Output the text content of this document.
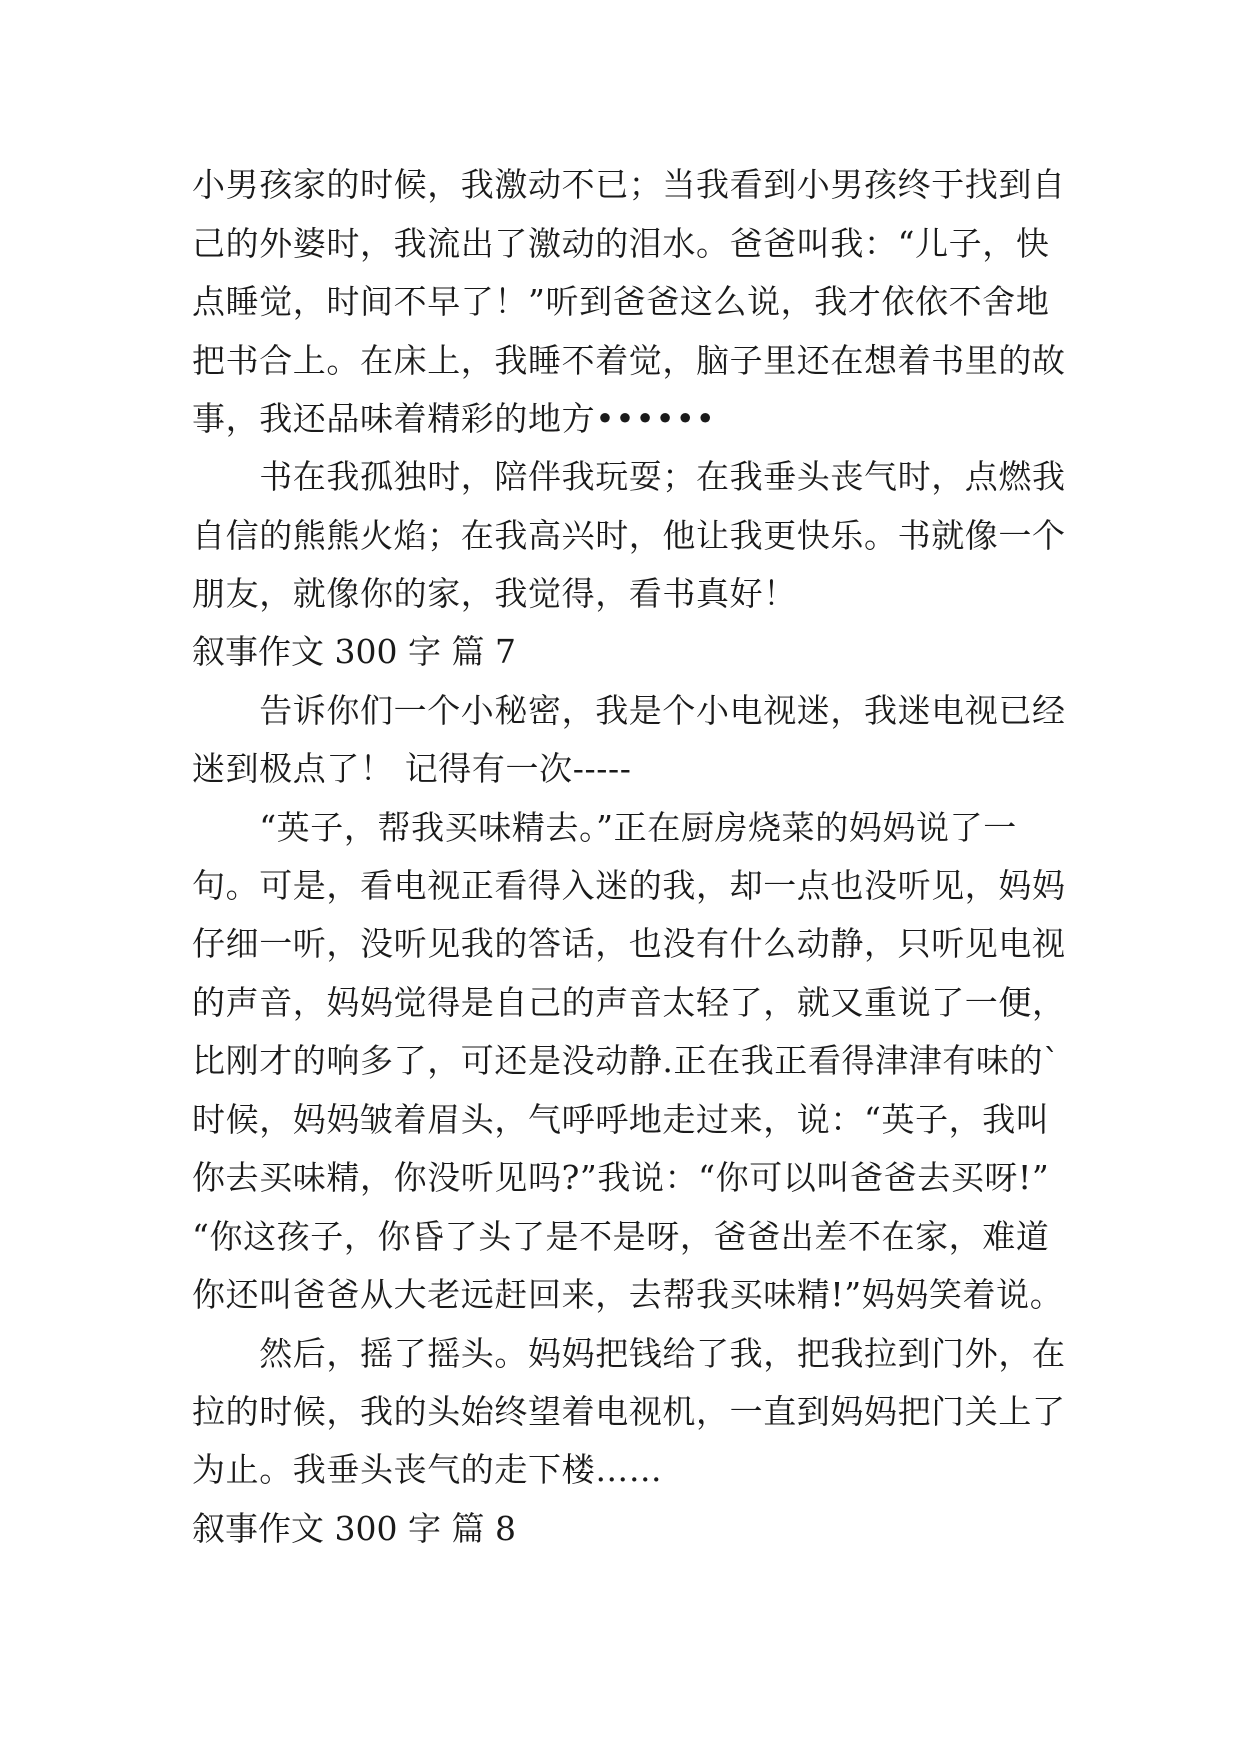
小男孩家的时候，我激动不已；当我看到小男孩终于找到自
己的外婆时，我流出了激动的泪水。爸爸叫我：“儿子，快
点睡觉，时间不早了！”听到爸爸这么说，我才依依不舍地
把书合上。在床上，我睡不着觉，脑子里还在想着书里的故
事，我还品味着精彩的地方••••••
　　书在我孤独时，陪伴我玩耍；在我垂头丧气时，点燃我
自信的熊熊火焰；在我高兴时，他让我更快乐。书就像一个
朋友，就像你的家，我觉得，看书真好！
叙事作文 300 字 篇 7
　　告诉你们一个小秘密，我是个小电视迷，我迷电视已经
迷到极点了！ 记得有一次-----
　　“英子，帮我买味精去。”正在厨房烧菜的妈妈说了一
句。可是，看电视正看得入迷的我，却一点也没听见，妈妈
仔细一听，没听见我的答话，也没有什么动静，只听见电视
的声音，妈妈觉得是自己的声音太轻了，就又重说了一便，
比刚才的响多了，可还是没动静.正在我正看得津津有味的`
时候，妈妈皱着眉头，气呼呼地走过来，说：“英子，我叫
你去买味精，你没听见吗?”我说：“你可以叫爸爸去买呀!”
“你这孩子，你昏了头了是不是呀，爸爸出差不在家，难道
你还叫爸爸从大老远赶回来，去帮我买味精!”妈妈笑着说。
　　然后，摇了摇头。妈妈把钱给了我，把我拉到门外，在
拉的时候，我的头始终望着电视机，一直到妈妈把门关上了
为止。我垂头丧气的走下楼……
叙事作文 300 字 篇 8
